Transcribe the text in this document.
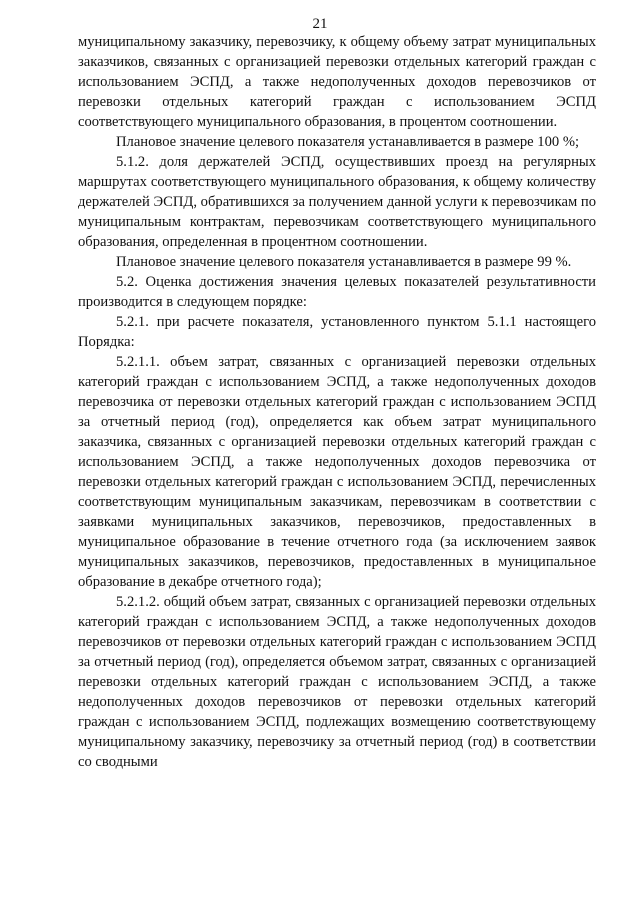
21

муниципальному заказчику, перевозчику, к общему объему затрат муниципальных заказчиков, связанных с организацией перевозки отдельных категорий граждан с использованием ЭСПД, а также недополученных доходов перевозчиков от перевозки отдельных категорий граждан с использованием ЭСПД соответствующего муниципального образования, в процентом соотношении.

Плановое значение целевого показателя устанавливается в размере 100 %;

5.1.2. доля держателей ЭСПД, осуществивших проезд на регулярных маршрутах соответствующего муниципального образования, к общему количеству держателей ЭСПД, обратившихся за получением данной услуги к перевозчикам по муниципальным контрактам, перевозчикам соответствующего муниципального образования, определенная в процентном соотношении.

Плановое значение целевого показателя устанавливается в размере 99 %.

5.2. Оценка достижения значения целевых показателей результативности производится в следующем порядке:

5.2.1. при расчете показателя, установленного пунктом 5.1.1 настоящего Порядка:

5.2.1.1. объем затрат, связанных с организацией перевозки отдельных категорий граждан с использованием ЭСПД, а также недополученных доходов перевозчика от перевозки отдельных категорий граждан с использованием ЭСПД за отчетный период (год), определяется как объем затрат муниципального заказчика, связанных с организацией перевозки отдельных категорий граждан с использованием ЭСПД, а также недополученных доходов перевозчика от перевозки отдельных категорий граждан с использованием ЭСПД, перечисленных соответствующим муниципальным заказчикам, перевозчикам в соответствии с заявками муниципальных заказчиков, перевозчиков, предоставленных в муниципальное образование в течение отчетного года (за исключением заявок муниципальных заказчиков, перевозчиков, предоставленных в муниципальное образование в декабре отчетного года);

5.2.1.2. общий объем затрат, связанных с организацией перевозки отдельных категорий граждан с использованием ЭСПД, а также недополученных доходов перевозчиков от перевозки отдельных категорий граждан с использованием ЭСПД за отчетный период (год), определяется объемом затрат, связанных с организацией перевозки отдельных категорий граждан с использованием ЭСПД, а также недополученных доходов перевозчиков от перевозки отдельных категорий граждан с использованием ЭСПД, подлежащих возмещению соответствующему муниципальному заказчику, перевозчику за отчетный период (год) в соответствии со сводными
